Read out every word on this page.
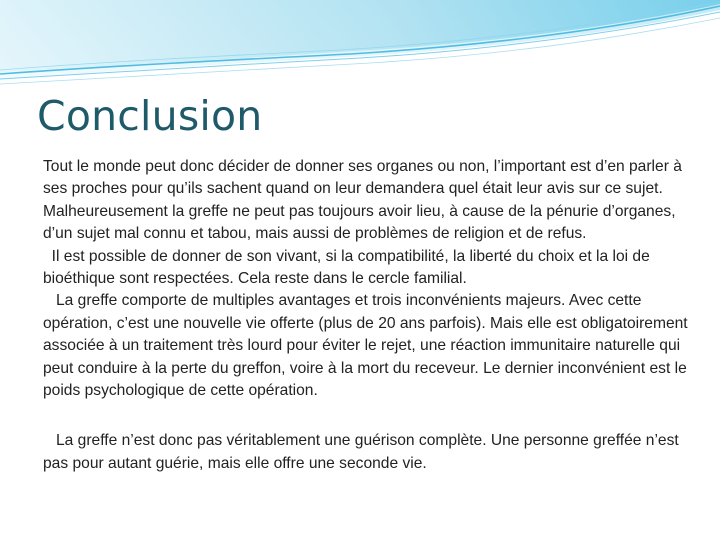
Conclusion

Tout le monde peut donc décider de donner ses organes ou non, l’important est d’en parler à ses proches pour qu’ils sachent quand on leur demandera quel était leur avis sur ce sujet. Malheureusement la greffe ne peut pas toujours avoir lieu, à cause de la pénurie d’organes, d’un sujet mal connu et tabou, mais aussi de problèmes de religion et de refus.

Il est possible de donner de son vivant, si la compatibilité, la liberté du choix et la loi de bioéthique sont respectées. Cela reste dans le cercle familial.

La greffe comporte de multiples avantages et trois inconvénients majeurs. Avec cette opération, c’est une nouvelle vie offerte (plus de 20 ans parfois). Mais elle est obligatoirement associée à un traitement très lourd pour éviter le rejet, une réaction immunitaire naturelle qui peut conduire à la perte du greffon, voire à la mort du receveur. Le dernier inconvénient est le poids psychologique de cette opération.

La greffe n’est donc pas véritablement une guérison complète. Une personne greffée n’est pas pour autant guérie, mais elle offre une seconde vie.
